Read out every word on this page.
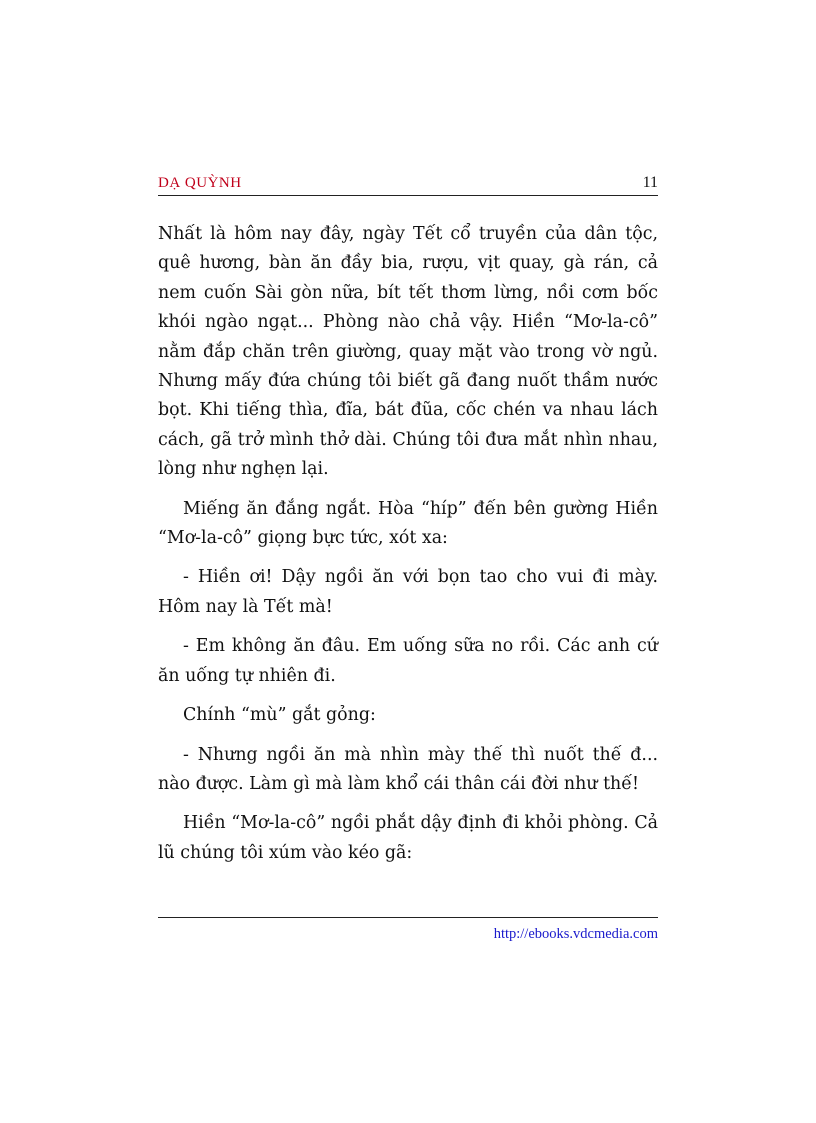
DẠ QUỲNH	11

Nhất là hôm nay đây, ngày Tết cổ truyền của dân tộc, quê hương, bàn ăn đầy bia, rượu, vịt quay, gà rán, cả nem cuốn Sài gòn nữa, bít tết thơm lừng, nồi cơm bốc khói ngào ngạt... Phòng nào chả vậy. Hiền “Mơ-la-cô” nằm đắp chăn trên giường, quay mặt vào trong vờ ngủ. Nhưng mấy đứa chúng tôi biết gã đang nuốt thầm nước bọt. Khi tiếng thìa, đĩa, bát đũa, cốc chén va nhau lách cách, gã trở mình thở dài. Chúng tôi đưa mắt nhìn nhau, lòng như nghẹn lại.

Miếng ăn đắng ngắt. Hòa “híp” đến bên gường Hiền “Mơ-la-cô” giọng bực tức, xót xa:

- Hiền ơi! Dậy ngồi ăn với bọn tao cho vui đi mày. Hôm nay là Tết mà!

- Em không ăn đâu. Em uống sữa no rồi. Các anh cứ ăn uống tự nhiên đi.

Chính “mù” gắt gỏng:

- Nhưng ngồi ăn mà nhìn mày thế thì nuốt thế đ... nào được. Làm gì mà làm khổ cái thân cái đời như thế!

Hiền “Mơ-la-cô” ngồi phắt dậy định đi khỏi phòng. Cả lũ chúng tôi xúm vào kéo gã:

http://ebooks.vdcmedia.com
